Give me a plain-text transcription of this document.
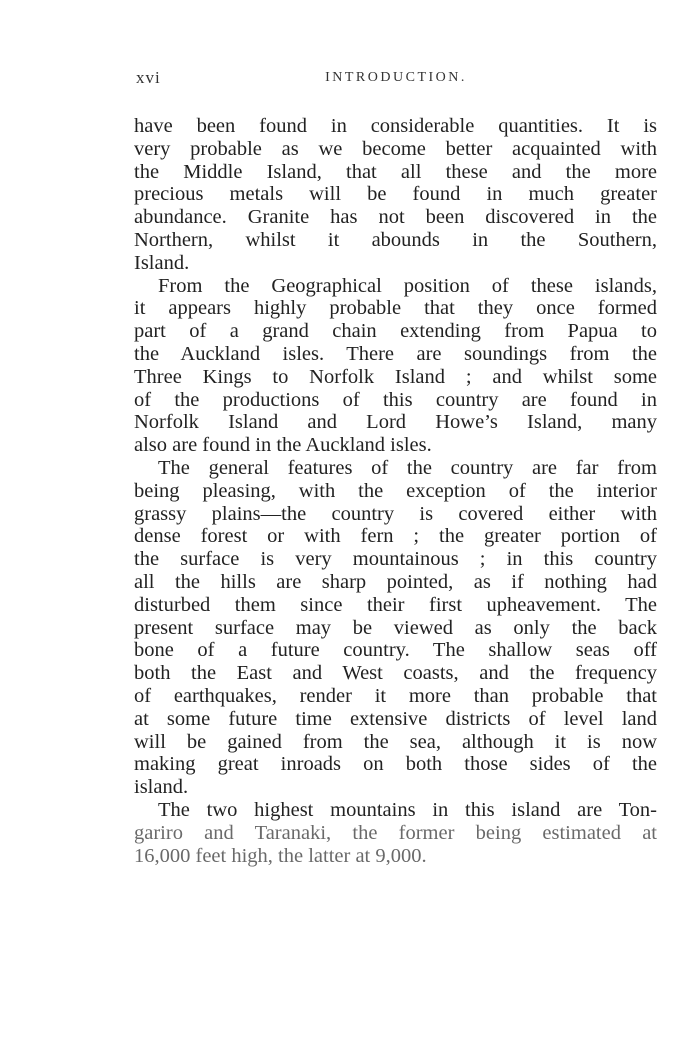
xvi	INTRODUCTION.
have been found in considerable quantities. It is
very probable as we become better acquainted with
the Middle Island, that all these and the more
precious metals will be found in much greater
abundance. Granite has not been discovered in the
Northern, whilst it abounds in the Southern,
Island.
From the Geographical position of these islands,
it appears highly probable that they once formed
part of a grand chain extending from Papua to
the Auckland isles. There are soundings from the
Three Kings to Norfolk Island ; and whilst some
of the productions of this country are found in
Norfolk Island and Lord Howe’s Island, many
also are found in the Auckland isles.
The general features of the country are far from
being pleasing, with the exception of the interior
grassy plains—the country is covered either with
dense forest or with fern ; the greater portion of
the surface is very mountainous ; in this country
all the hills are sharp pointed, as if nothing had
disturbed them since their first upheavement. The
present surface may be viewed as only the back
bone of a future country. The shallow seas off
both the East and West coasts, and the frequency
of earthquakes, render it more than probable that
at some future time extensive districts of level land
will be gained from the sea, although it is now
making great inroads on both those sides of the
island.
The two highest mountains in this island are Ton-
gariro and Taranaki, the former being estimated at
16,000 feet high, the latter at 9,000.
